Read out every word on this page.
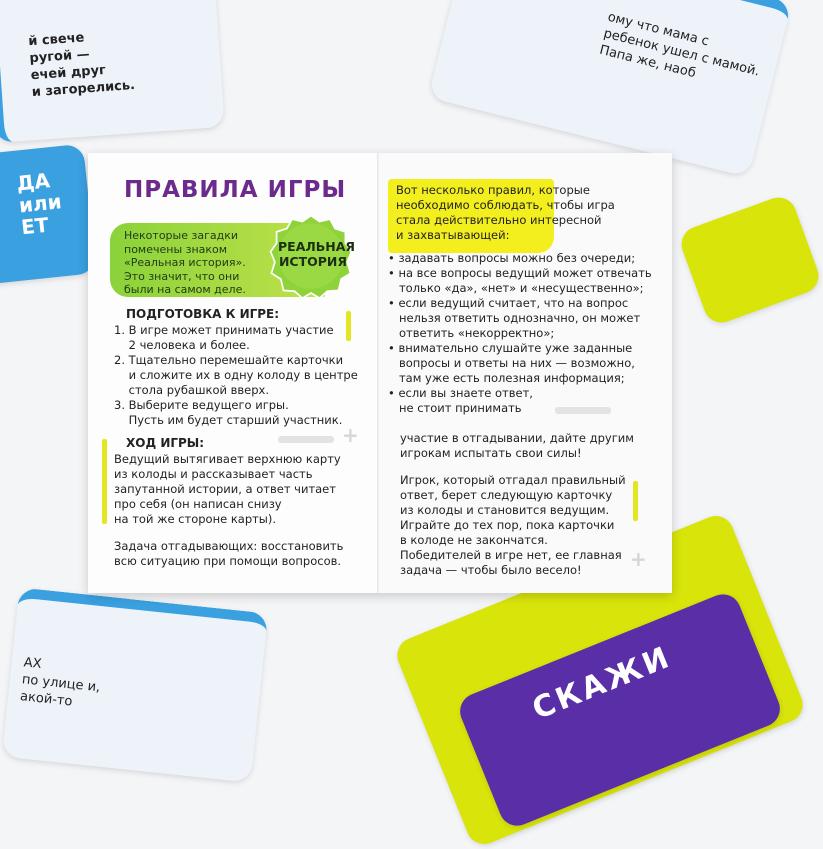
й свече
ругой —
ечей друг
и загорелись.
ому что мама с
ребенок ушел с мамой.
Папа же, наоб
ДА
или
ЕТ
АХ
по улице и,
акой-то	СКАЖИ
ПРАВИЛА ИГРЫ
Некоторые загадки
помечены знаком
«Реальная история».
Это значит, что они
были на самом деле.
РЕАЛЬНАЯ
ИСТОРИЯ
ПОДГОТОВКА К ИГРЕ:
1. В игре может принимать участие
2 человека и более.
2. Тщательно перемешайте карточки
и сложите их в одну колоду в центре
стола рубашкой вверх.
3. Выберите ведущего игры.
Пусть им будет старший участник.
+
ХОД ИГРЫ:
Ведущий вытягивает верхнюю карту
из колоды и рассказывает часть
запутанной истории, а ответ читает
про себя (он написан снизу
на той же стороне карты).
Задача отгадывающих: восстановить
всю ситуацию при помощи вопросов.
Вот несколько правил, которые
необходимо соблюдать, чтобы игра
стала действительно интересной
и захватывающей:
• задавать вопросы можно без очереди;
• на все вопросы ведущий может отвечать
только «да», «нет» и «несущественно»;
• если ведущий считает, что на вопрос
нельзя ответить однозначно, он может
ответить «некорректно»;
• внимательно слушайте уже заданные
вопросы и ответы на них — возможно,
там уже есть полезная информация;
• если вы знаете ответ,
не стоит принимать
участие в отгадывании, дайте другим
игрокам испытать свои силы!
Игрок, который отгадал правильный
ответ, берет следующую карточку
из колоды и становится ведущим.
Играйте до тех пор, пока карточки
в колоде не закончатся.
Победителей в игре нет, ее главная
задача — чтобы было весело!	+
